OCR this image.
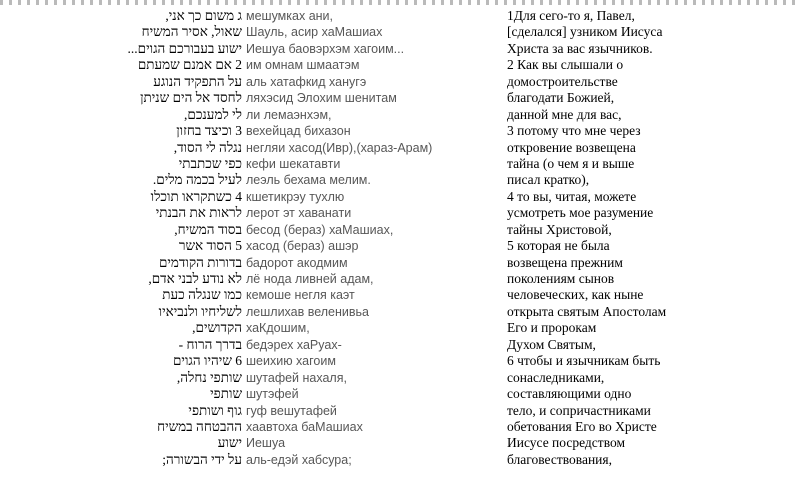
ג משום כך אני,
שאול, אסיר המשיח
ישוע בעבורכם הגוים...
2 אם אמנם שמעתם
על התפקיד הנוגע
לחסד אל הים שניתן
לי למענכם,
3 וכיצד בחזון
נגלה לי הסוד,
כפי שכתבתי
לעיל בכמה מלים.
4 כשתקראו תוכלו
לראות את הבנתי
בסוד המשיח,
5 הסוד אשר
בדורות הקודמים
לא נודע לבני אדם,
כמו שנגלה כעת
לשליחיו ולנביאיו
הקדושים,
בדרך הרוח -
6 שיהיו הגוים
שותפי נחלה,
שותפי
גוף ושותפי
ההבטחה במשיח
ישוע
על ידי הבשורה;
мешумках ани,
Шауль, асир хаМашиах
Иешуа баовэрхэм хагоим...
им омнам шмаатэм
аль хатафкид ханугэ
ляхэсид Элохим шенитам
ли лемаэнхэм,
вехейцад бихазон
негляи хасод(Ивр),(хараз-Арам)
кефи шекатавти
леэль бехама мелим.
кшетикрэу тухлю
лерот эт хаванати
бесод (бераз) хаМашиах,
хасод (бераз) ашэр
бадорот акодмим
лё нода ливней адам,
кемоше негля каэт
лешлихав веленивьа
хаКдошим,
бедэрех хаРуах-
шеихию хагоим
шутафей нахаля,
шутэфей
гуф вешутафей
хаавтоха баМашиах
Иешуа
аль-едэй хабсура;
1Для сего-то я, Павел,
[сделался] узником Иисуса
Христа за вас язычников.
2 Как вы слышали о
домостроительстве
благодати Божией,
данной мне для вас,
3 потому что мне через
откровение возвещена
тайна (о чем я и выше
писал кратко),
4 то вы, читая, можете
усмотреть мое разумение
тайны Христовой,
5 которая не была
возвещена прежним
поколениям сынов
человеческих, как ныне
открыта святым Апостолам
Его и пророкам
Духом Святым,
6 чтобы и язычникам быть
сонаследниками,
составляющими одно
тело, и сопричастниками
обетования Его во Христе
Иисусе посредством
благовествования,
